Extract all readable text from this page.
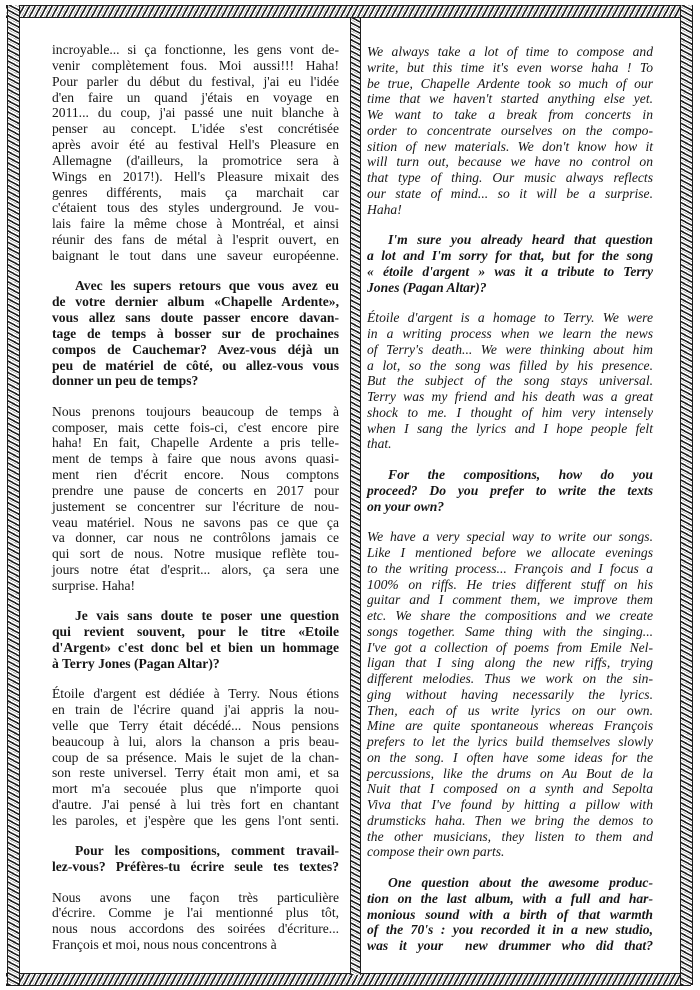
incroyable... si ça fonctionne, les gens vont de-
venir complètement fous. Moi aussi!!! Haha!
Pour parler du début du festival, j'ai eu l'idée
d'en faire un quand j'étais en voyage en
2011... du coup, j'ai passé une nuit blanche à
penser au concept. L'idée s'est concrétisée
après avoir été au festival Hell's Pleasure en
Allemagne (d'ailleurs, la promotrice sera à
Wings en 2017!). Hell's Pleasure mixait des
genres différents, mais ça marchait car
c'étaient tous des styles underground. Je vou-
lais faire la même chose à Montréal, et ainsi
réunir des fans de métal à l'esprit ouvert, en
baignant le tout dans une saveur européenne.
Avec les supers retours que vous avez eu
de votre dernier album «Chapelle Ardente»,
vous allez sans doute passer encore davan-
tage de temps à bosser sur de prochaines
compos de Cauchemar? Avez-vous déjà un
peu de matériel de côté, ou allez-vous vous
donner un peu de temps?
Nous prenons toujours beaucoup de temps à
composer, mais cette fois-ci, c'est encore pire
haha! En fait, Chapelle Ardente a pris telle-
ment de temps à faire que nous avons quasi-
ment rien d'écrit encore. Nous comptons
prendre une pause de concerts en 2017 pour
justement se concentrer sur l'écriture de nou-
veau matériel. Nous ne savons pas ce que ça
va donner, car nous ne contrôlons jamais ce
qui sort de nous. Notre musique reflète tou-
jours notre état d'esprit... alors, ça sera une
surprise. Haha!
Je vais sans doute te poser une question
qui revient souvent, pour le titre «Etoile
d'Argent» c'est donc bel et bien un hommage
à Terry Jones (Pagan Altar)?
Étoile d'argent est dédiée à Terry. Nous étions
en train de l'écrire quand j'ai appris la nou-
velle que Terry était décédé... Nous pensions
beaucoup à lui, alors la chanson a pris beau-
coup de sa présence. Mais le sujet de la chan-
son reste universel. Terry était mon ami, et sa
mort m'a secouée plus que n'importe quoi
d'autre. J'ai pensé à lui très fort en chantant
les paroles, et j'espère que les gens l'ont senti.
Pour les compositions, comment travail-
lez-vous? Préfères-tu écrire seule tes textes?
Nous avons une façon très particulière
d'écrire. Comme je l'ai mentionné plus tôt,
nous nous accordons des soirées d'écriture...
François et moi, nous nous concentrons à
We always take a lot of time to compose and
write, but this time it's even worse haha ! To
be true, Chapelle Ardente took so much of our
time that we haven't started anything else yet.
We want to take a break from concerts in
order to concentrate ourselves on the compo-
sition of new materials. We don't know how it
will turn out, because we have no control on
that type of thing. Our music always reflects
our state of mind... so it will be a surprise.
Haha!
I'm sure you already heard that question
a lot and I'm sorry for that, but for the song
« étoile d'argent » was it a tribute to Terry
Jones (Pagan Altar)?
Étoile d'argent is a homage to Terry. We were
in a writing process when we learn the news
of Terry's death... We were thinking about him
a lot, so the song was filled by his presence.
But the subject of the song stays universal.
Terry was my friend and his death was a great
shock to me. I thought of him very intensely
when I sang the lyrics and I hope people felt
that.
For the compositions, how do you
proceed? Do you prefer to write the texts
on your own?
We have a very special way to write our songs.
Like I mentioned before we allocate evenings
to the writing process... François and I focus a
100% on riffs. He tries different stuff on his
guitar and I comment them, we improve them
etc. We share the compositions and we create
songs together. Same thing with the singing...
I've got a collection of poems from Emile Nel-
ligan that I sing along the new riffs, trying
different melodies. Thus we work on the sin-
ging without having necessarily the lyrics.
Then, each of us write lyrics on our own.
Mine are quite spontaneous whereas François
prefers to let the lyrics build themselves slowly
on the song. I often have some ideas for the
percussions, like the drums on Au Bout de la
Nuit that I composed on a synth and Sepolta
Viva that I've found by hitting a pillow with
drumsticks haha. Then we bring the demos to
the other musicians, they listen to them and
compose their own parts.
One question about the awesome produc-
tion on the last album, with a full and har-
monious sound with a birth of that warmth
of the 70's : you recorded it in a new studio,
was it your  new drummer who did that?
